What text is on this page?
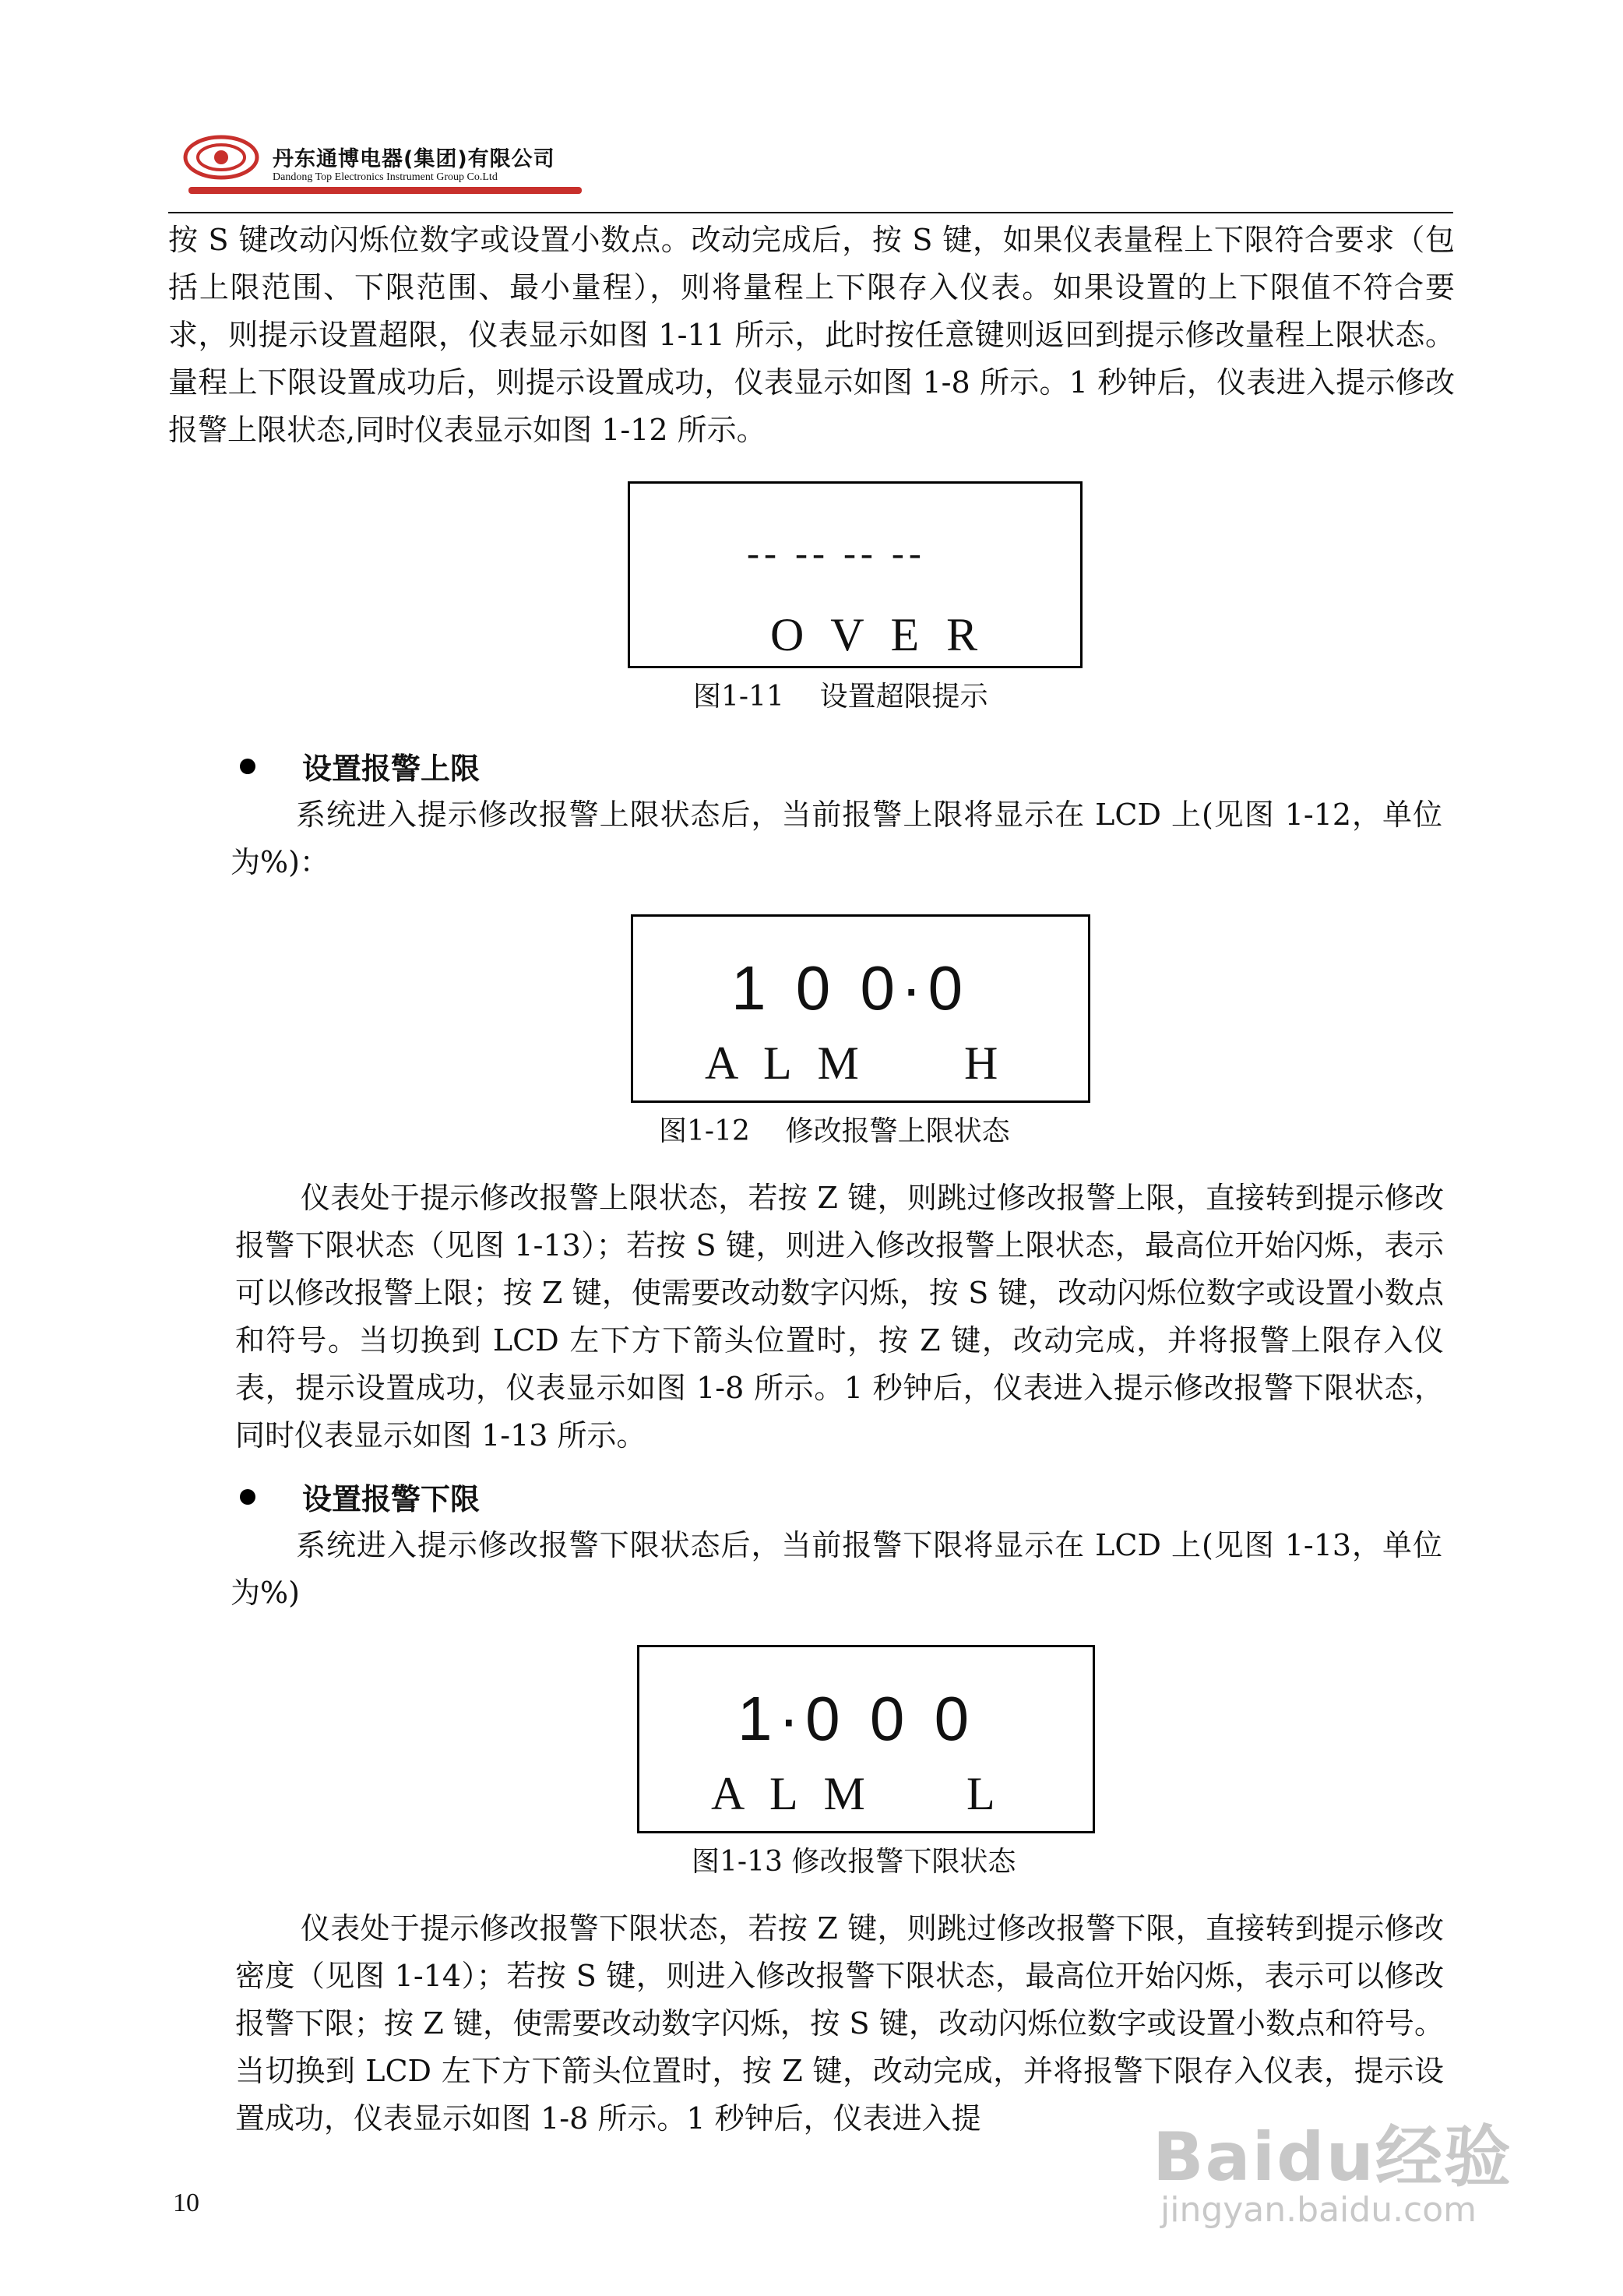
丹东通博电器(集团)有限公司
Dandong Top Electronics Instrument Group Co.Ltd

按 S 键改动闪烁位数字或设置小数点。改动完成后，按 S 键，如果仪表量程上下限符合要求（包括上限范围、下限范围、最小量程），则将量程上下限存入仪表。如果设置的上下限值不符合要求，则提示设置超限，仪表显示如图 1-11 所示，此时按任意键则返回到提示修改量程上限状态。量程上下限设置成功后，则提示设置成功，仪表显示如图 1-8 所示。1 秒钟后，仪表进入提示修改报警上限状态,同时仪表显示如图 1-12 所示。

-- -- -- --
O V E R
图1-11    设置超限提示
设置报警上限

系统进入提示修改报警上限状态后，当前报警上限将显示在 LCD 上(见图 1-12，单位为%)：

1 0 0·0
A L M H
图1-12    修改报警上限状态

仪表处于提示修改报警上限状态，若按 Z 键，则跳过修改报警上限，直接转到提示修改报警下限状态（见图 1-13）；若按 S 键，则进入修改报警上限状态，最高位开始闪烁，表示可以修改报警上限；按 Z 键，使需要改动数字闪烁，按 S 键，改动闪烁位数字或设置小数点和符号。当切换到 LCD 左下方下箭头位置时，按 Z 键，改动完成，并将报警上限存入仪表，提示设置成功，仪表显示如图 1-8 所示。1 秒钟后，仪表进入提示修改报警下限状态，同时仪表显示如图 1-13 所示。

设置报警下限

系统进入提示修改报警下限状态后，当前报警下限将显示在 LCD 上(见图 1-13，单位为%)

1·0 0 0
A L M L
图1-13 修改报警下限状态

仪表处于提示修改报警下限状态，若按 Z 键，则跳过修改报警下限，直接转到提示修改密度（见图 1-14）；若按 S 键，则进入修改报警下限状态，最高位开始闪烁，表示可以修改报警下限；按 Z 键，使需要改动数字闪烁，按 S 键，改动闪烁位数字或设置小数点和符号。当切换到 LCD 左下方下箭头位置时，按 Z 键，改动完成，并将报警下限存入仪表，提示设置成功，仪表显示如图 1-8 所示。1 秒钟后，仪表进入提

10
Baidu经验
jingyan.baidu.com
